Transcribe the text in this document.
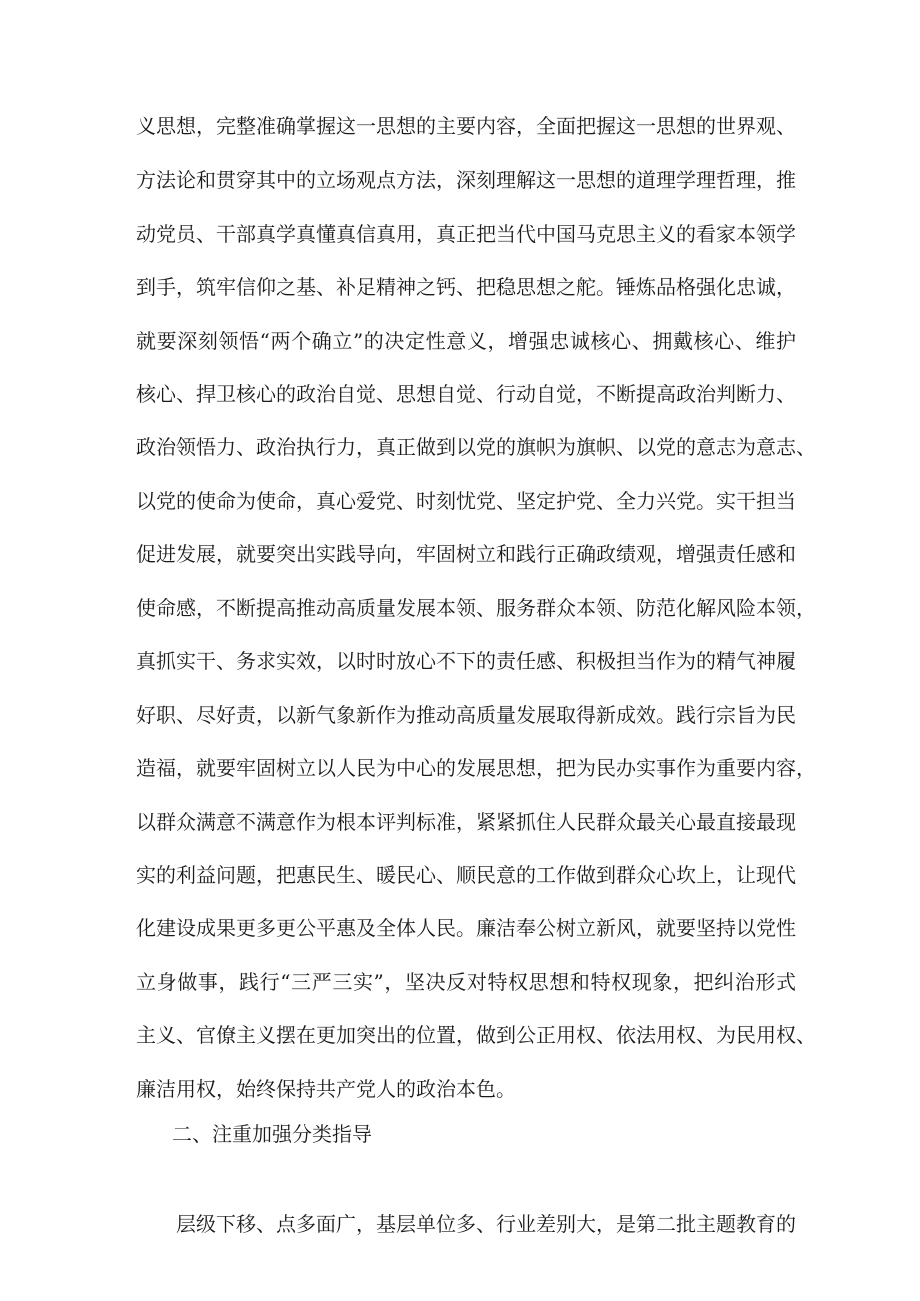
义思想，完整准确掌握这一思想的主要内容，全面把握这一思想的世界观、
方法论和贯穿其中的立场观点方法，深刻理解这一思想的道理学理哲理，推
动党员、干部真学真懂真信真用，真正把当代中国马克思主义的看家本领学
到手，筑牢信仰之基、补足精神之钙、把稳思想之舵。锤炼品格强化忠诚，
就要深刻领悟“两个确立”的决定性意义，增强忠诚核心、拥戴核心、维护
核心、捍卫核心的政治自觉、思想自觉、行动自觉，不断提高政治判断力、
政治领悟力、政治执行力，真正做到以党的旗帜为旗帜、以党的意志为意志、
以党的使命为使命，真心爱党、时刻忧党、坚定护党、全力兴党。实干担当
促进发展，就要突出实践导向，牢固树立和践行正确政绩观，增强责任感和
使命感，不断提高推动高质量发展本领、服务群众本领、防范化解风险本领，
真抓实干、务求实效，以时时放心不下的责任感、积极担当作为的精气神履
好职、尽好责，以新气象新作为推动高质量发展取得新成效。践行宗旨为民
造福，就要牢固树立以人民为中心的发展思想，把为民办实事作为重要内容，
以群众满意不满意作为根本评判标准，紧紧抓住人民群众最关心最直接最现
实的利益问题，把惠民生、暖民心、顺民意的工作做到群众心坎上，让现代
化建设成果更多更公平惠及全体人民。廉洁奉公树立新风，就要坚持以党性
立身做事，践行“三严三实”，坚决反对特权思想和特权现象，把纠治形式
主义、官僚主义摆在更加突出的位置，做到公正用权、依法用权、为民用权、
廉洁用权，始终保持共产党人的政治本色。
二、注重加强分类指导
层级下移、点多面广，基层单位多、行业差别大，是第二批主题教育的
